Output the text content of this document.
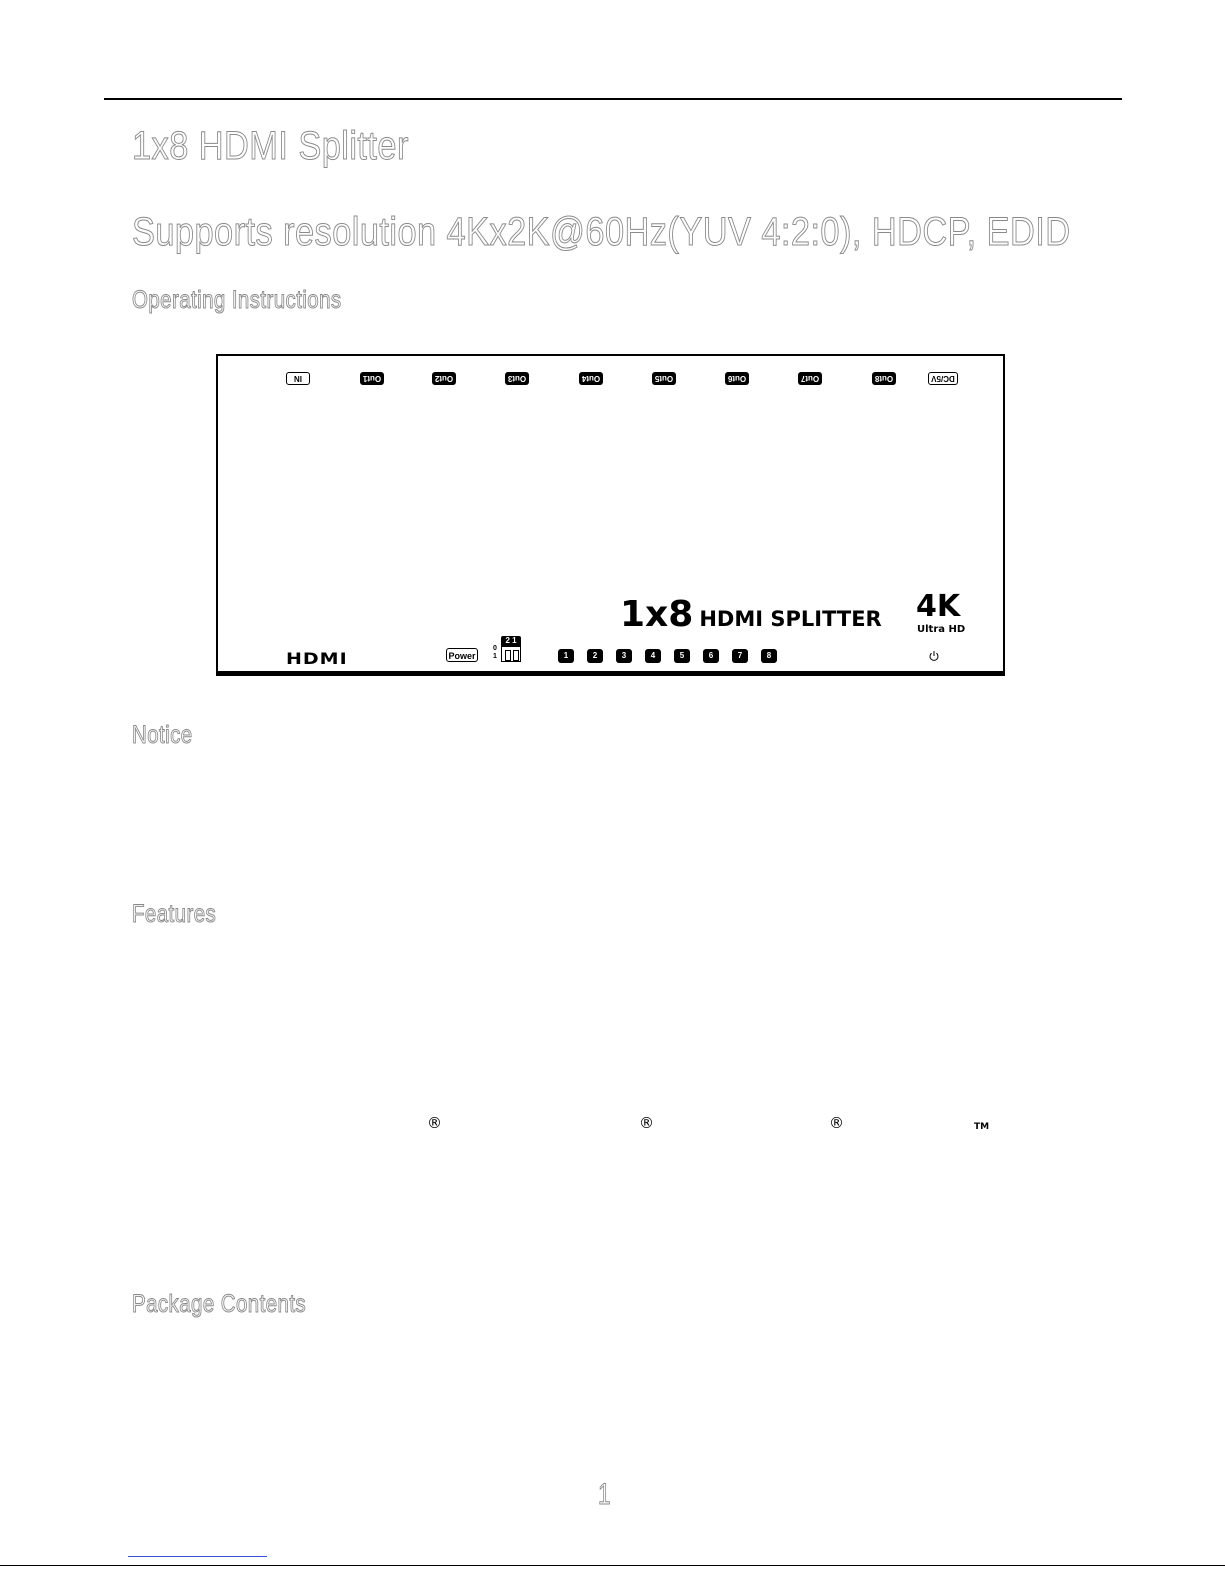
1x8 HDMI Splitter
Supports resolution 4Kx2K@60Hz(YUV 4:2:0), HDCP, EDID
Operating Instructions
IN	Out1	Out2	Out3	Out4	Out5	Out6	Out7	Out8	DC/5V
1x8 HDMI SPLITTER 4K
Ultra HD
HDMI	Power
0
1
2 1
1	2	3	4	5	6	7	8
Notice
Features
®	®	®	TM
Package Contents
1
